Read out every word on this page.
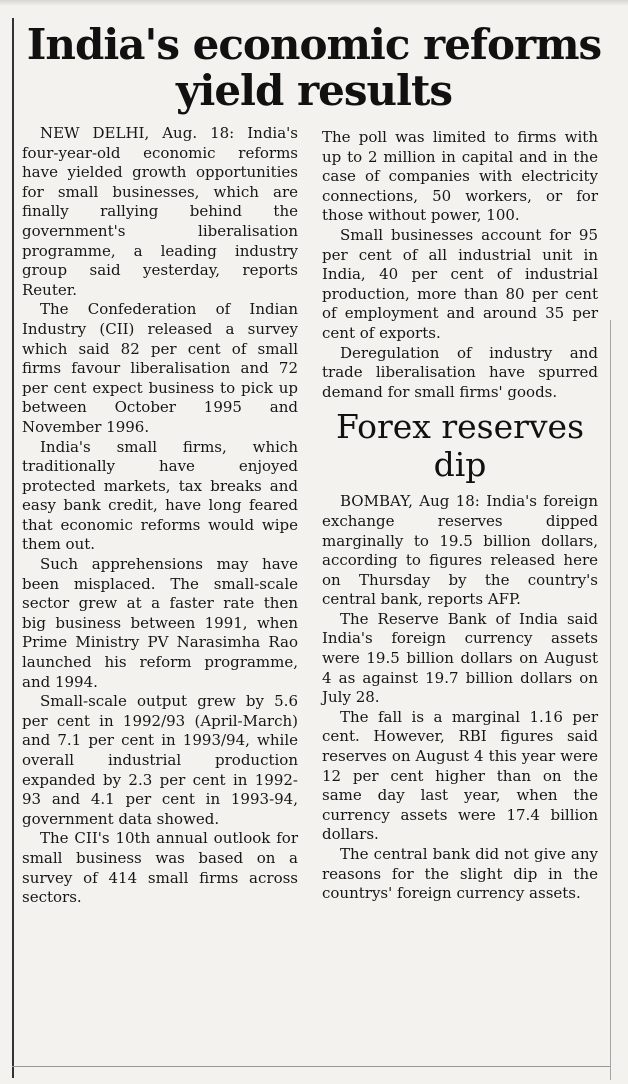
India's economic reforms yield results

NEW DELHI, Aug. 18: India's four-year-old economic reforms have yielded growth opportunities for small businesses, which are finally rallying behind the government's liberalisation programme, a leading industry group said yesterday, reports Reuter.

The Confederation of Indian Industry (CII) released a survey which said 82 per cent of small firms favour liberalisation and 72 per cent expect business to pick up between October 1995 and November 1996.

India's small firms, which traditionally have enjoyed protected markets, tax breaks and easy bank credit, have long feared that economic reforms would wipe them out.

Such apprehensions may have been misplaced. The small-scale sector grew at a faster rate then big business between 1991, when Prime Ministry PV Narasimha Rao launched his reform programme, and 1994.

Small-scale output grew by 5.6 per cent in 1992/93 (April-March) and 7.1 per cent in 1993/94, while overall industrial production expanded by 2.3 per cent in 1992-93 and 4.1 per cent in 1993-94, government data showed.

The CII's 10th annual outlook for small business was based on a survey of 414 small firms across sectors.

The poll was limited to firms with up to 2 million in capital and in the case of companies with electricity connections, 50 workers, or for those without power, 100.

Small businesses account for 95 per cent of all industrial unit in India, 40 per cent of industrial production, more than 80 per cent of employment and around 35 per cent of exports.

Deregulation of industry and trade liberalisation have spurred demand for small firms' goods.

Forex reserves dip

BOMBAY, Aug 18: India's foreign exchange reserves dipped marginally to 19.5 billion dollars, according to figures released here on Thursday by the country's central bank, reports AFP.

The Reserve Bank of India said India's foreign currency assets were 19.5 billion dollars on August 4 as against 19.7 billion dollars on July 28.

The fall is a marginal 1.16 per cent. However, RBI figures said reserves on August 4 this year were 12 per cent higher than on the same day last year, when the currency assets were 17.4 billion dollars.

The central bank did not give any reasons for the slight dip in the countrys' foreign currency assets.
